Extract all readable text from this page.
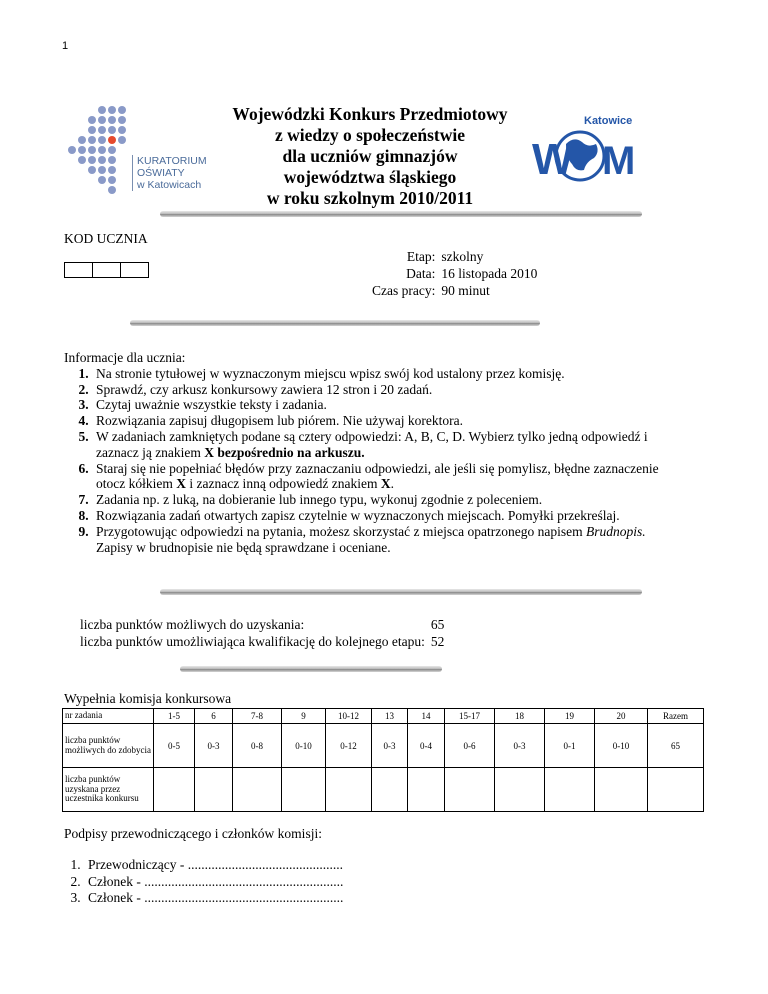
1
KURATORIUM
OŚWIATY
w Katowicach
Wojewódzki Konkurs Przedmiotowy
z wiedzy o społeczeństwie
dla uczniów gimnazjów
województwa śląskiego
w roku szkolnym 2010/2011
W M
Katowice
KOD UCZNIA
Etap:	szkolny
Data:	16 listopada 2010
Czas pracy:	90 minut
Informacje dla ucznia:
1. Na stronie tytułowej w wyznaczonym miejscu wpisz swój kod ustalony przez komisję.
2. Sprawdź, czy arkusz konkursowy zawiera 12 stron i 20 zadań.
3. Czytaj uważnie wszystkie teksty i zadania.
4. Rozwiązania zapisuj długopisem lub piórem. Nie używaj korektora.
5. W zadaniach zamkniętych podane są cztery odpowiedzi: A, B, C, D. Wybierz tylko jedną odpowiedź i zaznacz ją znakiem X bezpośrednio na arkuszu.
6. Staraj się nie popełniać błędów przy zaznaczaniu odpowiedzi, ale jeśli się pomylisz, błędne zaznaczenie otocz kółkiem X i zaznacz inną odpowiedź znakiem X.
7. Zadania np. z luką, na dobieranie lub innego typu, wykonuj zgodnie z poleceniem.
8. Rozwiązania zadań otwartych zapisz czytelnie w wyznaczonych miejscach. Pomyłki przekreślaj.
9. Przygotowując odpowiedzi na pytania, możesz skorzystać z miejsca opatrzonego napisem Brudnopis. Zapisy w brudnopisie nie będą sprawdzane i oceniane.
liczba punktów możliwych do uzyskania:	65
liczba punktów umożliwiająca kwalifikację do kolejnego etapu:	52
Wypełnia komisja konkursowa
nr zadania	1-5	6	7-8	9	10-12	13	14	15-17	18	19	20	Razem
liczba punktów możliwych do zdobycia	0-5	0-3	0-8	0-10	0-12	0-3	0-4	0-6	0-3	0-1	0-10	65
liczba punktów uzyskana przez uczestnika konkursu												
Podpisy przewodniczącego i członków komisji:
1. Przewodniczący - ..............................................
2. Członek - ...........................................................
3. Członek - ...........................................................
